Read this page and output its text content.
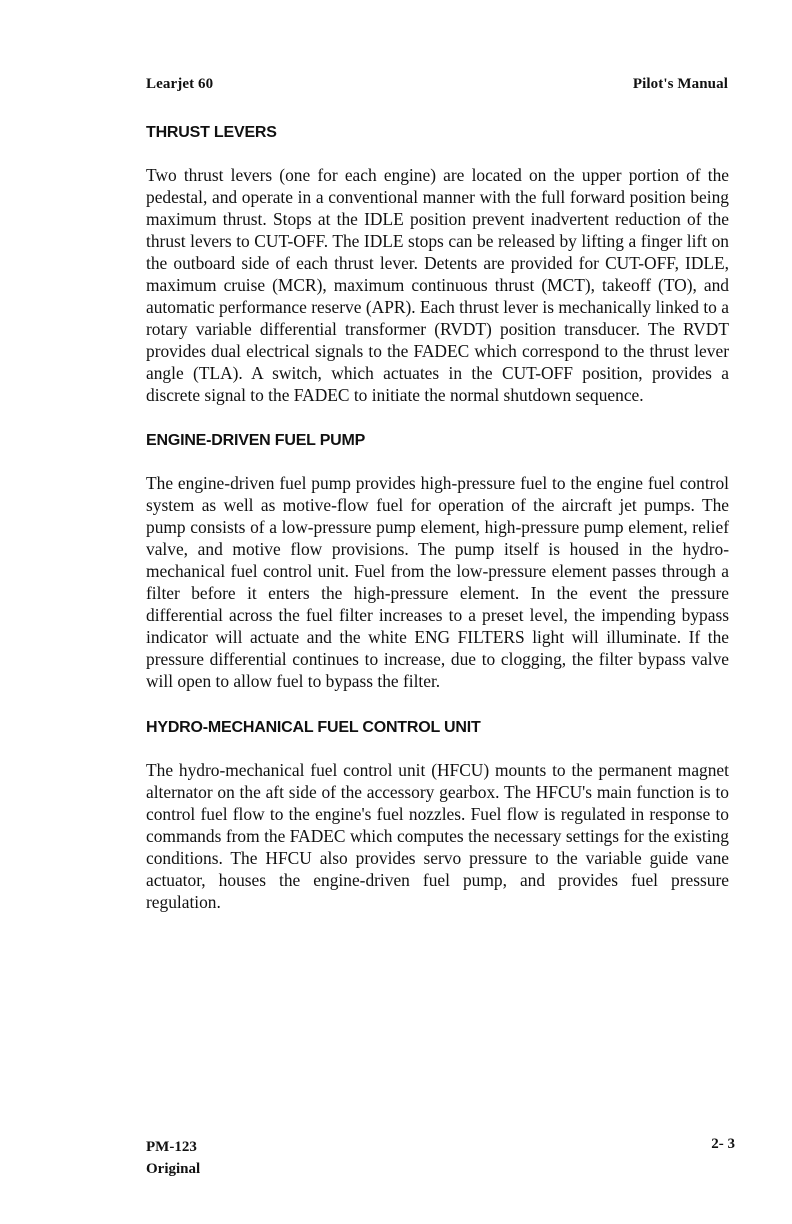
Learjet 60	Pilot's Manual
THRUST LEVERS

Two thrust levers (one for each engine) are located on the upper portion of the pedestal, and operate in a conventional manner with the full forward position being maximum thrust. Stops at the IDLE position prevent inadvertent reduction of the thrust levers to CUT-OFF. The IDLE stops can be released by lifting a finger lift on the outboard side of each thrust lever. Detents are provided for CUT-OFF, IDLE, maximum cruise (MCR), maximum continuous thrust (MCT), takeoff (TO), and automatic performance reserve (APR). Each thrust lever is mechanically linked to a rotary variable differential transformer (RVDT) position transducer. The RVDT provides dual electrical signals to the FADEC which correspond to the thrust lever angle (TLA). A switch, which actuates in the CUT-OFF position, provides a discrete signal to the FADEC to initiate the normal shutdown sequence.

ENGINE-DRIVEN FUEL PUMP

The engine-driven fuel pump provides high-pressure fuel to the engine fuel control system as well as motive-flow fuel for operation of the aircraft jet pumps. The pump consists of a low-pressure pump element, high-pressure pump element, relief valve, and motive flow provisions. The pump itself is housed in the hydro-mechanical fuel control unit. Fuel from the low-pressure element passes through a filter before it enters the high-pressure element. In the event the pressure differential across the fuel filter increases to a preset level, the impending bypass indicator will actuate and the white ENG FILTERS light will illuminate. If the pressure differential continues to increase, due to clogging, the filter bypass valve will open to allow fuel to bypass the filter.

HYDRO-MECHANICAL FUEL CONTROL UNIT

The hydro-mechanical fuel control unit (HFCU) mounts to the permanent magnet alternator on the aft side of the accessory gearbox. The HFCU's main function is to control fuel flow to the engine's fuel nozzles. Fuel flow is regulated in response to commands from the FADEC which computes the necessary settings for the existing conditions. The HFCU also provides servo pressure to the variable guide vane actuator, houses the engine-driven fuel pump, and provides fuel pressure regulation.

PM-123
Original
2- 3
